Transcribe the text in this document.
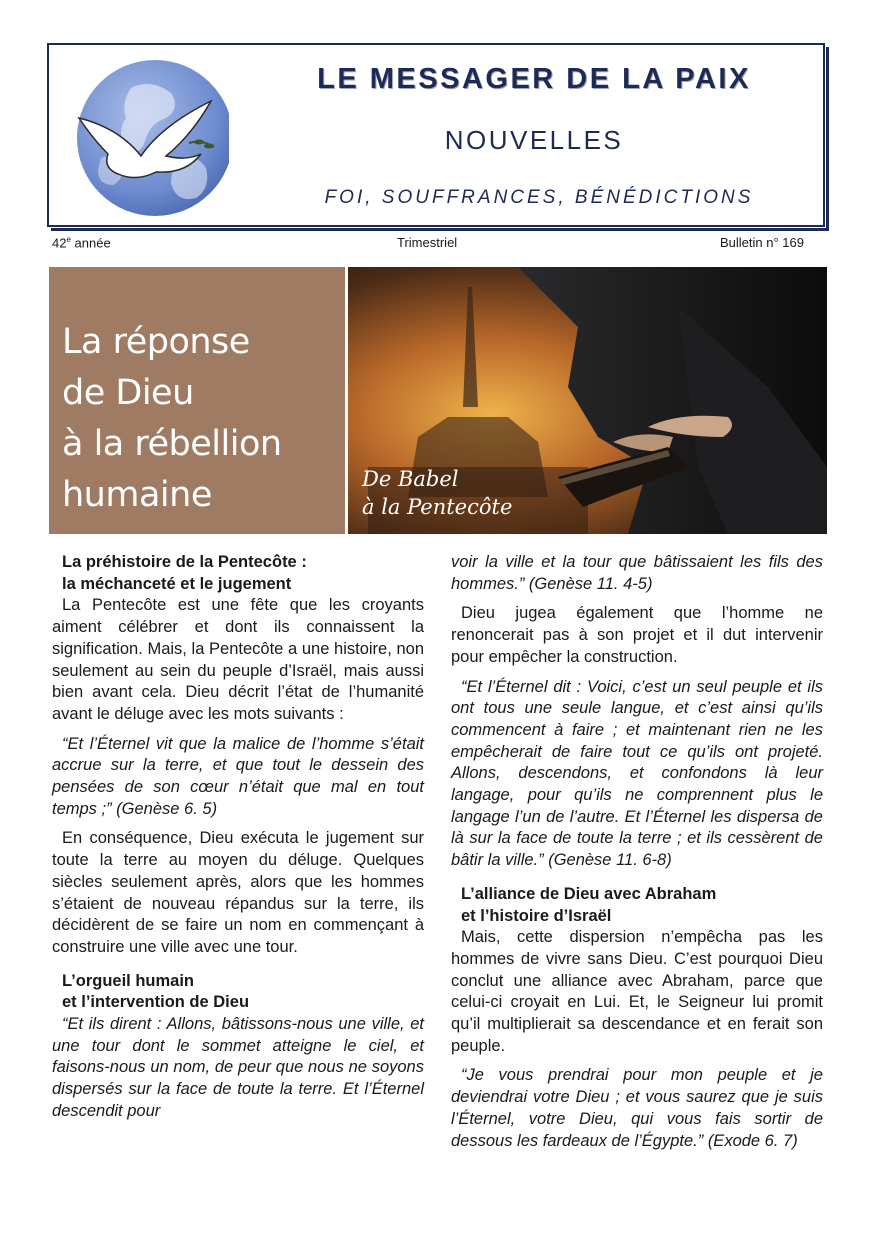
LE MESSAGER DE LA PAIX
NOUVELLES
FOI, SOUFFRANCES, BÉNÉDICTIONS
42e année	Trimestriel	Bulletin n° 169
La réponse
de Dieu
à la rébellion
humaine	De Babel
à la Pentecôte
La préhistoire de la Pentecôte :
la méchanceté et le jugement

La Pentecôte est une fête que les croyants aiment célébrer et dont ils connaissent la signification. Mais, la Pentecôte a une histoire, non seulement au sein du peuple d’Israël, mais aussi bien avant cela. Dieu décrit l’état de l’humanité avant le déluge avec les mots suivants :

“Et l’Éternel vit que la malice de l’homme s’était accrue sur la terre, et que tout le dessein des pensées de son cœur n’était que mal en tout temps ;” (Genèse 6. 5)

En conséquence, Dieu exécuta le jugement sur toute la terre au moyen du déluge. Quelques siècles seulement après, alors que les hommes s’étaient de nouveau répandus sur la terre, ils décidèrent de se faire un nom en commençant à construire une ville avec une tour.

L’orgueil humain
et l’intervention de Dieu

“Et ils dirent : Allons, bâtissons-nous une ville, et une tour dont le sommet atteigne le ciel, et faisons-nous un nom, de peur que nous ne soyons dispersés sur la face de toute la terre. Et l’Éternel descendit pour

voir la ville et la tour que bâtissaient les fils des hommes.” (Genèse 11. 4-5)

Dieu jugea également que l’homme ne renoncerait pas à son projet et il dut intervenir pour empêcher la construction.

“Et l’Éternel dit : Voici, c’est un seul peuple et ils ont tous une seule langue, et c’est ainsi qu’ils commencent à faire ; et maintenant rien ne les empêcherait de faire tout ce qu’ils ont projeté. Allons, descendons, et confondons là leur langage, pour qu’ils ne comprennent plus le langage l’un de l’autre. Et l’Éternel les dispersa de là sur la face de toute la terre ; et ils cessèrent de bâtir la ville.” (Genèse 11. 6-8)

L’alliance de Dieu avec Abraham
et l’histoire d’Israël

Mais, cette dispersion n’empêcha pas les hommes de vivre sans Dieu. C’est pourquoi Dieu conclut une alliance avec Abraham, parce que celui-ci croyait en Lui. Et, le Seigneur lui promit qu’il multiplierait sa descendance et en ferait son peuple.

“Je vous prendrai pour mon peuple et je deviendrai votre Dieu ; et vous saurez que je suis l’Éternel, votre Dieu, qui vous fais sortir de dessous les fardeaux de l’Égypte.” (Exode 6. 7)
